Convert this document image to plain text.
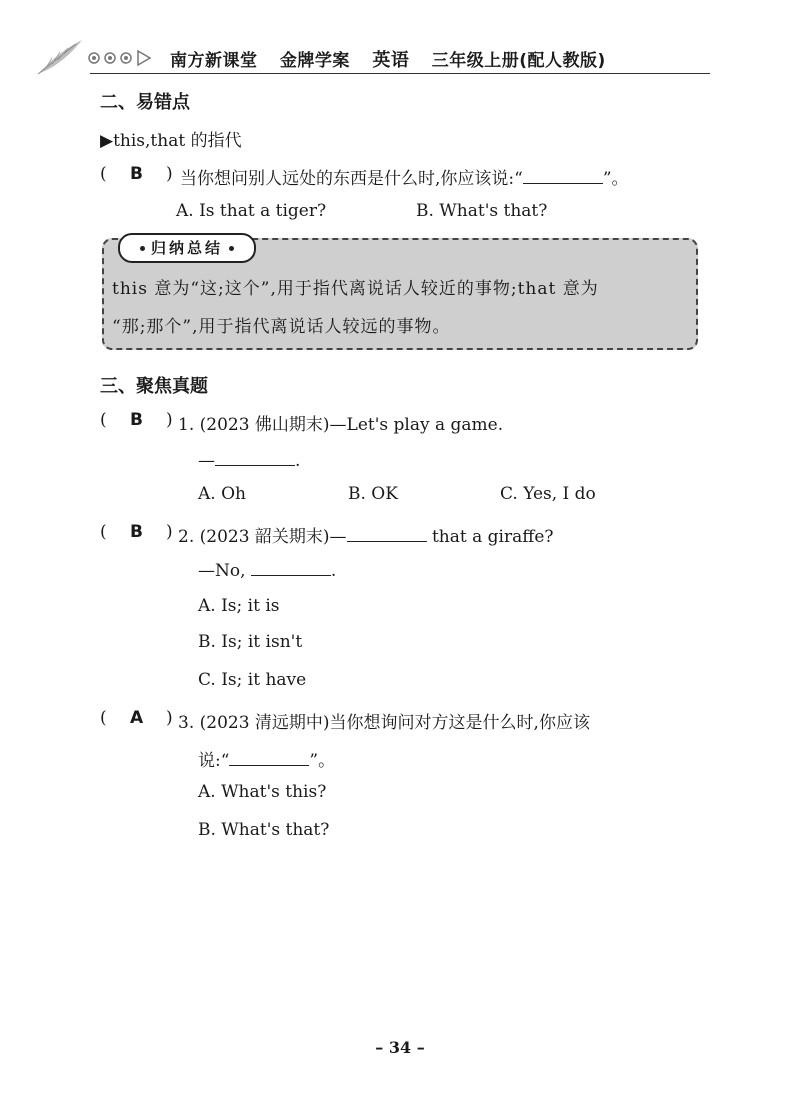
南方新课堂 金牌学案 英语 三年级上册(配人教版)
二、易错点
▶this,that 的指代
( B ) 当你想问别人远处的东西是什么时,你应该说:“	”。
A. Is that a tiger?	B. What's that?
归纳总结
this 意为“这;这个”,用于指代离说话人较近的事物;that 意为
“那;那个”,用于指代离说话人较远的事物。
三、聚焦真题
( B ) 1. (2023 佛山期末)—Let's play a game.
—	.
A. Oh	B. OK	C. Yes, I do
( B ) 2. (2023 韶关期末)—	that a giraffe?
—No,	.
A. Is; it is
B. Is; it isn't
C. Is; it have
( A ) 3. (2023 清远期中)当你想询问对方这是什么时,你应该
说:“	”。
A. What's this?
B. What's that?
– 34 –
